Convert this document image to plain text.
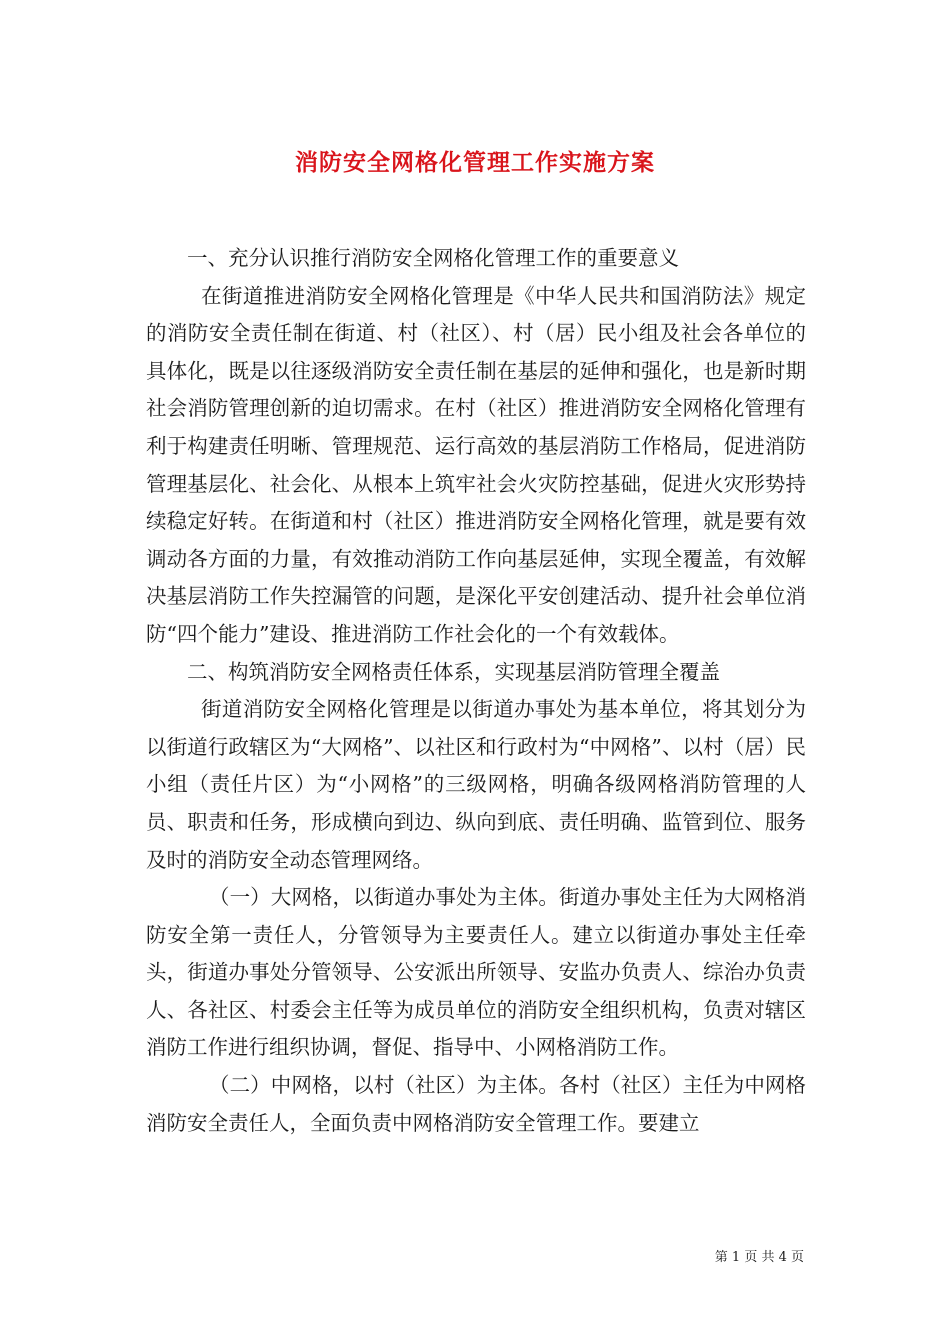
消防安全网格化管理工作实施方案

一、充分认识推行消防安全网格化管理工作的重要意义

在街道推进消防安全网格化管理是《中华人民共和国消防法》规定的消防安全责任制在街道、村（社区）、村（居）民小组及社会各单位的具体化，既是以往逐级消防安全责任制在基层的延伸和强化，也是新时期社会消防管理创新的迫切需求。在村（社区）推进消防安全网格化管理有利于构建责任明晰、管理规范、运行高效的基层消防工作格局，促进消防管理基层化、社会化、从根本上筑牢社会火灾防控基础，促进火灾形势持续稳定好转。在街道和村（社区）推进消防安全网格化管理，就是要有效调动各方面的力量，有效推动消防工作向基层延伸，实现全覆盖，有效解决基层消防工作失控漏管的问题，是深化平安创建活动、提升社会单位消防“四个能力”建设、推进消防工作社会化的一个有效载体。

二、构筑消防安全网格责任体系，实现基层消防管理全覆盖

街道消防安全网格化管理是以街道办事处为基本单位，将其划分为以街道行政辖区为“大网格”、以社区和行政村为“中网格”、以村（居）民小组（责任片区）为“小网格”的三级网格，明确各级网格消防管理的人员、职责和任务，形成横向到边、纵向到底、责任明确、监管到位、服务及时的消防安全动态管理网络。

（一）大网格，以街道办事处为主体。街道办事处主任为大网格消防安全第一责任人，分管领导为主要责任人。建立以街道办事处主任牵头，街道办事处分管领导、公安派出所领导、安监办负责人、综治办负责人、各社区、村委会主任等为成员单位的消防安全组织机构，负责对辖区消防工作进行组织协调，督促、指导中、小网格消防工作。

（二）中网格，以村（社区）为主体。各村（社区）主任为中网格消防安全责任人，全面负责中网格消防安全管理工作。要建立

第 1 页 共 4 页
